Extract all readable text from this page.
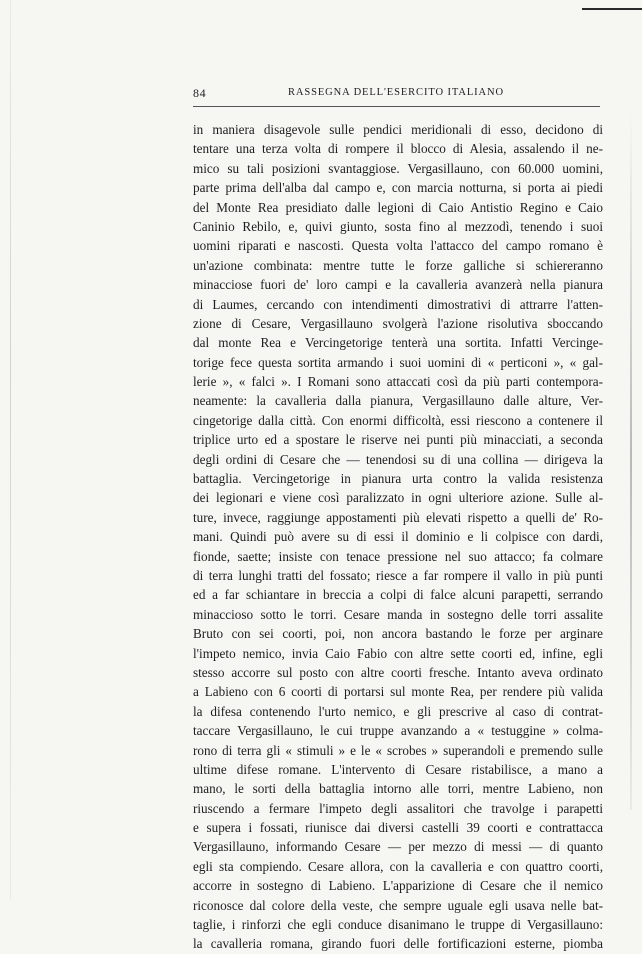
84	RASSEGNA DELL'ESERCITO ITALIANO
in maniera disagevole sulle pendici meridionali di esso, decidono di
tentare una terza volta di rompere il blocco di Alesia, assalendo il ne-
mico su tali posizioni svantaggiose. Vergasillauno, con 60.000 uomini,
parte prima dell'alba dal campo e, con marcia notturna, si porta ai piedi
del Monte Rea presidiato dalle legioni di Caio Antistio Regino e Caio
Caninio Rebilo, e, quivi giunto, sosta fino al mezzodì, tenendo i suoi
uomini riparati e nascosti. Questa volta l'attacco del campo romano è
un'azione combinata: mentre tutte le forze galliche si schiereranno
minacciose fuori de' loro campi e la cavalleria avanzerà nella pianura
di Laumes, cercando con intendimenti dimostrativi di attrarre l'atten-
zione di Cesare, Vergasillauno svolgerà l'azione risolutiva sboccando
dal monte Rea e Vercingetorige tenterà una sortita. Infatti Vercinge-
torige fece questa sortita armando i suoi uomini di « perticoni », « gal-
lerie », « falci ». I Romani sono attaccati così da più parti contempora-
neamente: la cavalleria dalla pianura, Vergasillauno dalle alture, Ver-
cingetorige dalla città. Con enormi difficoltà, essi riescono a contenere il
triplice urto ed a spostare le riserve nei punti più minacciati, a seconda
degli ordini di Cesare che — tenendosi su di una collina — dirigeva la
battaglia. Vercingetorige in pianura urta contro la valida resistenza
dei legionari e viene così paralizzato in ogni ulteriore azione. Sulle al-
ture, invece, raggiunge appostamenti più elevati rispetto a quelli de' Ro-
mani. Quindi può avere su di essi il dominio e li colpisce con dardi,
fionde, saette; insiste con tenace pressione nel suo attacco; fa colmare
di terra lunghi tratti del fossato; riesce a far rompere il vallo in più punti
ed a far schiantare in breccia a colpi di falce alcuni parapetti, serrando
minaccioso sotto le torri. Cesare manda in sostegno delle torri assalite
Bruto con sei coorti, poi, non ancora bastando le forze per arginare
l'impeto nemico, invia Caio Fabio con altre sette coorti ed, infine, egli
stesso accorre sul posto con altre coorti fresche. Intanto aveva ordinato
a Labieno con 6 coorti di portarsi sul monte Rea, per rendere più valida
la difesa contenendo l'urto nemico, e gli prescrive al caso di contrat-
taccare Vergasillauno, le cui truppe avanzando a « testuggine » colma-
rono di terra gli « stimuli » e le « scrobes » superandoli e premendo sulle
ultime difese romane. L'intervento di Cesare ristabilisce, a mano a
mano, le sorti della battaglia intorno alle torri, mentre Labieno, non
riuscendo a fermare l'impeto degli assalitori che travolge i parapetti
e supera i fossati, riunisce dai diversi castelli 39 coorti e contrattacca
Vergasillauno, informando Cesare — per mezzo di messi — di quanto
egli sta compiendo. Cesare allora, con la cavalleria e con quattro coorti,
accorre in sostegno di Labieno. L'apparizione di Cesare che il nemico
riconosce dal colore della veste, che sempre uguale egli usava nelle bat-
taglie, i rinforzi che egli conduce disanimano le truppe di Vergasillauno:
la cavalleria romana, girando fuori delle fortificazioni esterne, piomba
